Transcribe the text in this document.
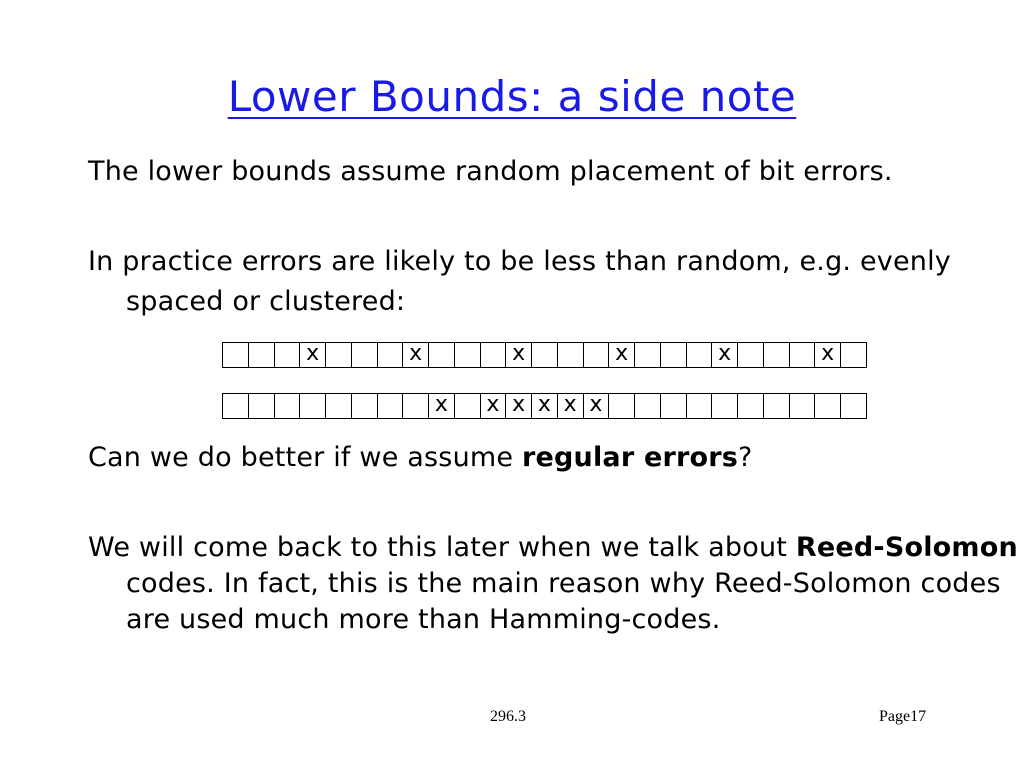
Lower Bounds: a side note
The lower bounds assume random placement of bit errors.
In practice errors are likely to be less than random, e.g. evenly spaced or clustered:
x	x	x	x	x	x
x	x x x x x
Can we do better if we assume regular errors?
We will come back to this later when we talk about Reed-Solomon codes. In fact, this is the main reason why Reed-Solomon codes are used much more than Hamming-codes.
296.3	Page17
